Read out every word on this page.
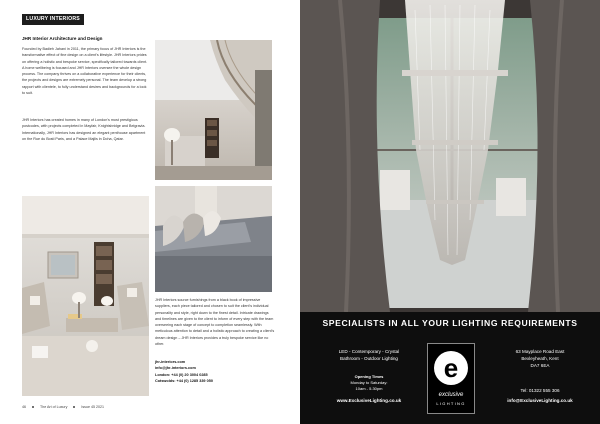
LUXURY INTERIORS
JHR Interior Architecture and Design

Founded by Badieh Jahani in 2011, the primary focus of JHR Interiors is the transformative effect of fine design on a client's lifestyle. JHR Interiors prides on offering a holistic and bespoke service, specifically tailored towards client. A home wellbeing is focused and JHR Interiors oversee the whole design process. The company thrives on a collaborative experience for their clients, the projects and designs are extremely personal. The team develop a strong rapport with clientele, to fully understand desires and backgrounds for a look to suit.

JHR Interiors has created homes in many of London's most prestigious postcodes, with projects completed in Mayfair, Knightsbridge and Belgravia. Internationally, JHR Interiors has designed an elegant penthouse apartment on the Rue du Bosti Paris, and a Palace Majlis in Doha, Qatar.

JHR Interiors source furnishings from a black book of impressive suppliers, each piece tailored and chosen to suit the client's individual personality and style, right down to the finest detail. Intricate drawings and timelines are given to the client to inform of every step with the team overseeing each stage of concept to completion seamlessly. With meticulous attention to detail and a holistic approach to creating a client's dream design – JHR Interiors provides a truly bespoke service like no other.

jhr-interiors.com
info@jhr-interiors.com
London: +44 (0) 20 3004 0285
Cotswolds: +44 (0) 1285 339 050
46	The Art of Luxury	Issue 45 2021
SPECIALISTS IN ALL YOUR LIGHTING REQUIREMENTS
LED - Contemporary - Crystal
Bathroom - Outdoor Lighting
Opening Times
Monday to Saturday:
10am - 5.30pm
www.ExclusiveLighting.co.uk
e
exclusive
LIGHTING
63 Mayplace Road East
Bexleyheath, Kent
DA7 6EA
Tel: 01322 555 306
info@ExclusiveLighting.co.uk
